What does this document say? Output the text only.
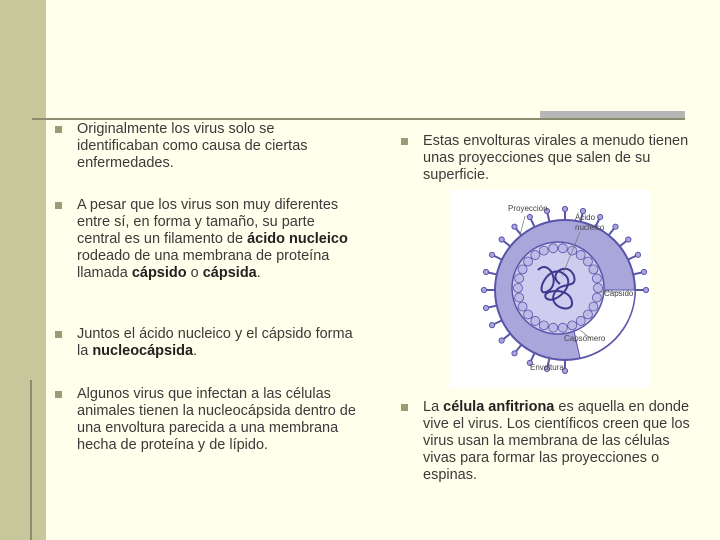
Originalmente los virus solo se identificaban como causa de ciertas enfermedades.
A pesar que los virus son muy diferentes entre sí, en forma y tamaño, su parte central es un filamento de ácido nucleico rodeado de una membrana de proteína llamada cápsido o cápsida.
Juntos el ácido nucleico y el cápsido forma la nucleocápsida.
Algunos virus que infectan a las células animales tienen la nucleocápsida dentro de una envoltura parecida a una membrana hecha de proteína y de lípido.
Estas envolturas virales a menudo tienen unas proyecciones que salen de su superficie.
La célula anfitriona es aquella en donde vive el virus. Los científicos creen que los virus usan la membrana de las células vivas para formar las proyecciones o espinas.
Proyección
Ácido
nucleico
Cápsido
Capsómero
Envoltura
